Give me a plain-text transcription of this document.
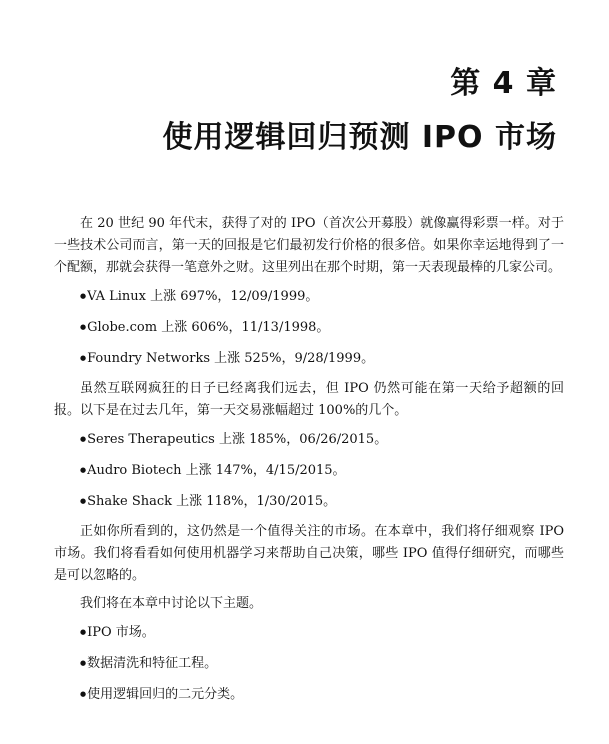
第 4 章
使用逻辑回归预测 IPO 市场

在 20 世纪 90 年代末，获得了对的 IPO（首次公开募股）就像赢得彩票一样。对于一些技术公司而言，第一天的回报是它们最初发行价格的很多倍。如果你幸运地得到了一个配额，那就会获得一笔意外之财。这里列出在那个时期，第一天表现最棒的几家公司。

● VA Linux 上涨 697%，12/09/1999。

● Globe.com 上涨 606%，11/13/1998。

● Foundry Networks 上涨 525%，9/28/1999。

虽然互联网疯狂的日子已经离我们远去，但 IPO 仍然可能在第一天给予超额的回报。以下是在过去几年，第一天交易涨幅超过 100%的几个。

● Seres Therapeutics 上涨 185%，06/26/2015。

● Audro Biotech 上涨 147%，4/15/2015。

● Shake Shack 上涨 118%，1/30/2015。

正如你所看到的，这仍然是一个值得关注的市场。在本章中，我们将仔细观察 IPO 市场。我们将看看如何使用机器学习来帮助自己决策，哪些 IPO 值得仔细研究，而哪些是可以忽略的。

我们将在本章中讨论以下主题。

● IPO 市场。

● 数据清洗和特征工程。

● 使用逻辑回归的二元分类。
